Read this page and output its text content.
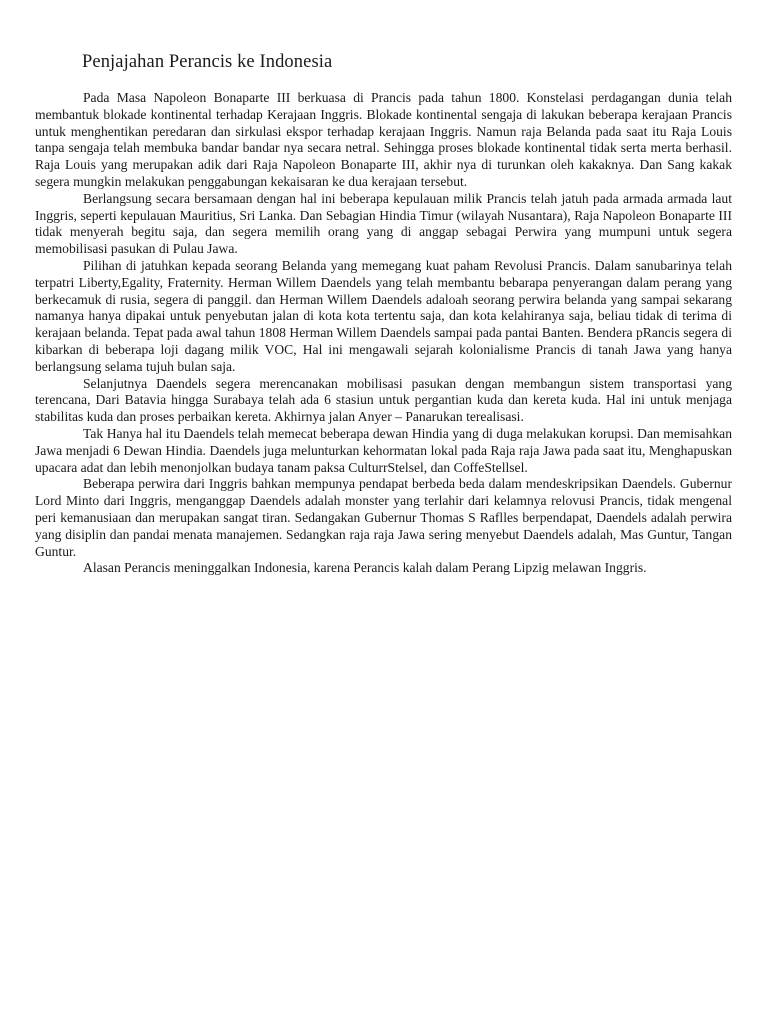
Penjajahan Perancis ke Indonesia

Pada Masa Napoleon Bonaparte III berkuasa di Prancis pada tahun 1800. Konstelasi perdagangan dunia telah membantuk blokade kontinental terhadap Kerajaan Inggris. Blokade kontinental sengaja di lakukan beberapa kerajaan Prancis untuk menghentikan peredaran dan sirkulasi ekspor terhadap kerajaan Inggris. Namun raja Belanda pada saat itu Raja Louis tanpa sengaja telah membuka bandar bandar nya secara netral. Sehingga proses blokade kontinental tidak serta merta berhasil. Raja Louis yang merupakan adik dari Raja Napoleon Bonaparte III, akhir nya di turunkan oleh kakaknya. Dan Sang kakak segera mungkin melakukan penggabungan kekaisaran ke dua kerajaan tersebut.

Berlangsung secara bersamaan dengan hal ini beberapa kepulauan milik Prancis telah jatuh pada armada armada laut Inggris, seperti kepulauan Mauritius, Sri Lanka. Dan Sebagian Hindia Timur (wilayah Nusantara), Raja Napoleon Bonaparte III tidak menyerah begitu saja, dan segera memilih orang yang di anggap sebagai Perwira yang mumpuni untuk segera memobilisasi pasukan di Pulau Jawa.

Pilihan di jatuhkan kepada seorang Belanda yang memegang kuat paham Revolusi Prancis. Dalam sanubarinya telah terpatri Liberty,Egality, Fraternity. Herman Willem Daendels yang telah membantu bebarapa penyerangan dalam perang yang berkecamuk di rusia, segera di panggil. dan Herman Willem Daendels adaloah seorang perwira belanda yang sampai sekarang namanya hanya dipakai untuk penyebutan jalan di kota kota tertentu saja, dan kota kelahiranya saja, beliau tidak di terima di kerajaan belanda. Tepat pada awal tahun 1808 Herman Willem Daendels sampai pada pantai Banten. Bendera pRancis segera di kibarkan di beberapa loji dagang milik VOC, Hal ini mengawali sejarah kolonialisme Prancis di tanah Jawa yang hanya berlangsung selama tujuh bulan saja.

Selanjutnya Daendels segera merencanakan mobilisasi pasukan dengan membangun sistem transportasi yang terencana, Dari Batavia hingga Surabaya telah ada 6 stasiun untuk pergantian kuda dan kereta kuda. Hal ini untuk menjaga stabilitas kuda dan proses perbaikan kereta. Akhirnya jalan Anyer – Panarukan terealisasi.

Tak Hanya hal itu Daendels telah memecat beberapa dewan Hindia yang di duga melakukan korupsi. Dan memisahkan Jawa menjadi 6 Dewan Hindia. Daendels juga melunturkan kehormatan lokal pada Raja raja Jawa pada saat itu, Menghapuskan upacara adat dan lebih menonjolkan budaya tanam paksa CulturrStelsel, dan CoffeStellsel.

Beberapa perwira dari Inggris bahkan mempunya pendapat berbeda beda dalam mendeskripsikan Daendels. Gubernur Lord Minto dari Inggris, menganggap Daendels adalah monster yang terlahir dari kelamnya relovusi Prancis, tidak mengenal peri kemanusiaan dan merupakan sangat tiran. Sedangakan Gubernur Thomas S Raflles berpendapat, Daendels adalah perwira yang disiplin dan pandai menata manajemen. Sedangkan raja raja Jawa sering menyebut Daendels adalah, Mas Guntur, Tangan Guntur.

Alasan Perancis meninggalkan Indonesia, karena Perancis kalah dalam Perang Lipzig melawan Inggris.
